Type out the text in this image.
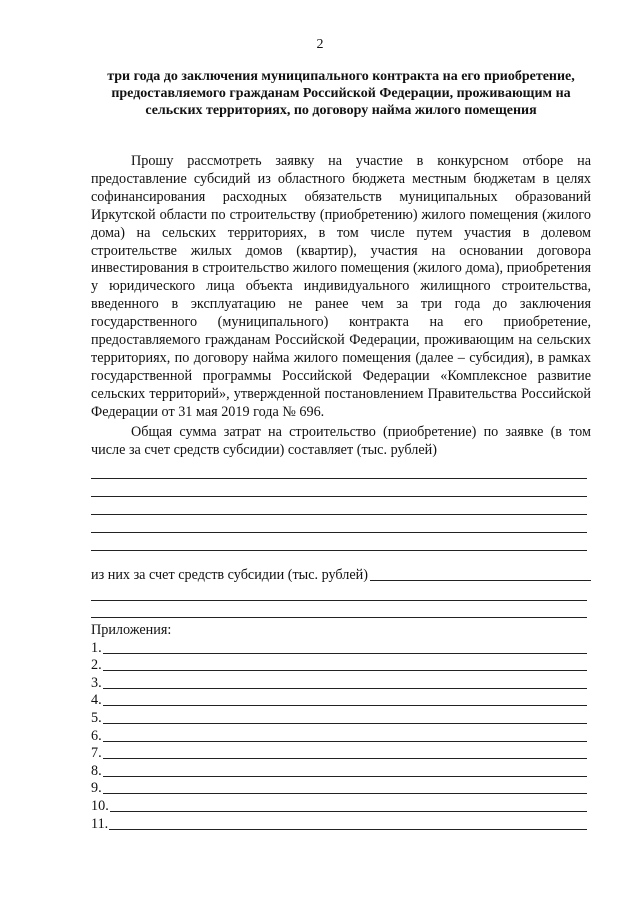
2
три года до заключения муниципального контракта на его приобретение, предоставляемого гражданам Российской Федерации, проживающим на сельских территориях, по договору найма жилого помещения

Прошу рассмотреть заявку на участие в конкурсном отборе на предоставление субсидий из областного бюджета местным бюджетам в целях софинансирования расходных обязательств муниципальных образований Иркутской области по строительству (приобретению) жилого помещения (жилого дома) на сельских территориях, в том числе путем участия в долевом строительстве жилых домов (квартир), участия на основании договора инвестирования в строительство жилого помещения (жилого дома), приобретения у юридического лица объекта индивидуального жилищного строительства, введенного в эксплуатацию не ранее чем за три года до заключения государственного (муниципального) контракта на его приобретение, предоставляемого гражданам Российской Федерации, проживающим на сельских территориях, по договору найма жилого помещения (далее – субсидия), в рамках государственной программы Российской Федерации «Комплексное развитие сельских территорий», утвержденной постановлением Правительства Российской Федерации от 31 мая 2019 года № 696.

Общая сумма затрат на строительство (приобретение) по заявке (в том числе за счет средств субсидии) составляет (тыс. рублей)

из них за счет средств субсидии (тыс. рублей)
Приложения:
1.
2.
3.
4.
5.
6.
7.
8.
9.
10.
11.
